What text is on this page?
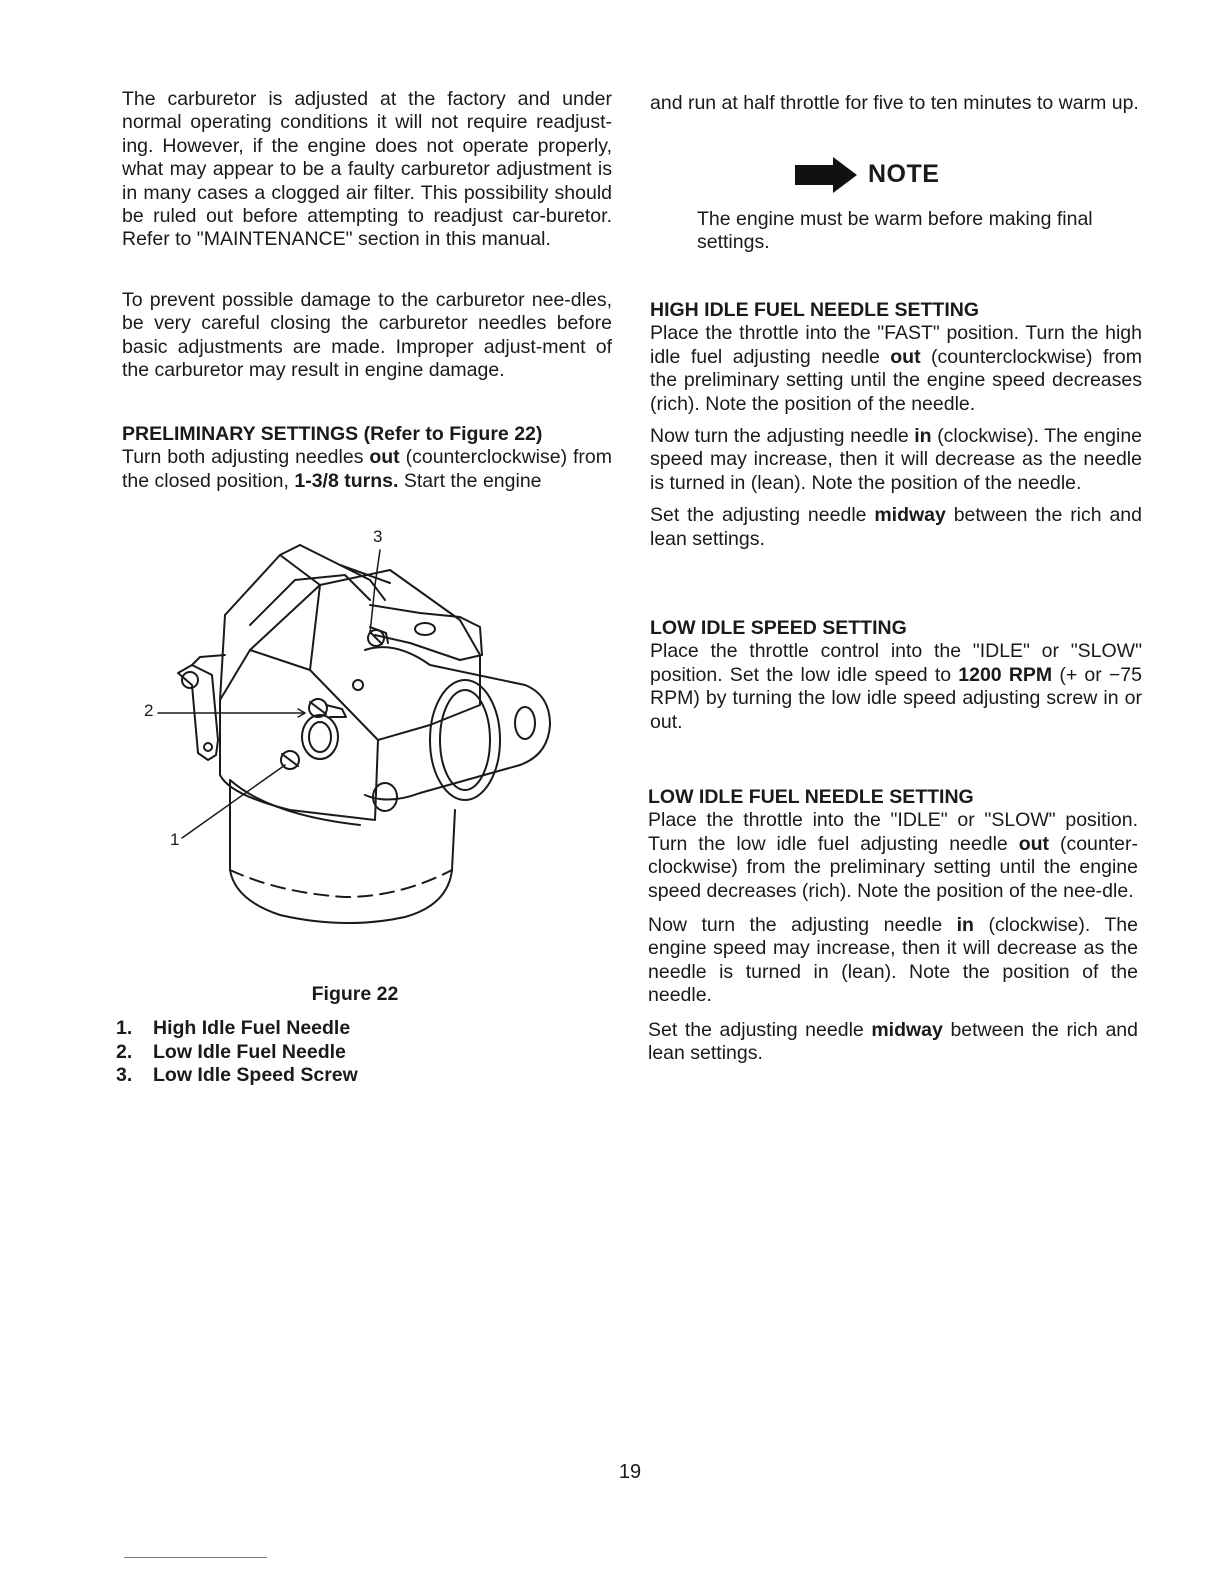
The carburetor is adjusted at the factory and under normal operating conditions it will not require readjust-ing. However, if the engine does not operate properly, what may appear to be a faulty carburetor adjustment is in many cases a clogged air filter. This possibility should be ruled out before attempting to readjust car-buretor. Refer to "MAINTENANCE" section in this manual.

To prevent possible damage to the carburetor nee-dles, be very careful closing the carburetor needles before basic adjustments are made. Improper adjust-ment of the carburetor may result in engine damage.

PRELIMINARY SETTINGS (Refer to Figure 22)

Turn both adjusting needles out (counterclockwise) from the closed position, 1-3/8 turns. Start the engine

3
2
1
Figure 22
1.	High Idle Fuel Needle
2.	Low Idle Fuel Needle
3.	Low Idle Speed Screw

and run at half throttle for five to ten minutes to warm up.

NOTE
The engine must be warm before making final settings.
HIGH IDLE FUEL NEEDLE SETTING

Place the throttle into the "FAST" position. Turn the high idle fuel adjusting needle out (counterclockwise) from the preliminary setting until the engine speed decreases (rich). Note the position of the needle.

Now turn the adjusting needle in (clockwise). The engine speed may increase, then it will decrease as the needle is turned in (lean). Note the position of the needle.

Set the adjusting needle midway between the rich and lean settings.

LOW IDLE SPEED SETTING

Place the throttle control into the "IDLE" or "SLOW" position. Set the low idle speed to 1200 RPM (+ or −75 RPM) by turning the low idle speed adjusting screw in or out.

LOW IDLE FUEL NEEDLE SETTING

Place the throttle into the "IDLE" or "SLOW" position. Turn the low idle fuel adjusting needle out (counter-clockwise) from the preliminary setting until the engine speed decreases (rich). Note the position of the nee-dle.

Now turn the adjusting needle in (clockwise). The engine speed may increase, then it will decrease as the needle is turned in (lean). Note the position of the needle.

Set the adjusting needle midway between the rich and lean settings.

19
